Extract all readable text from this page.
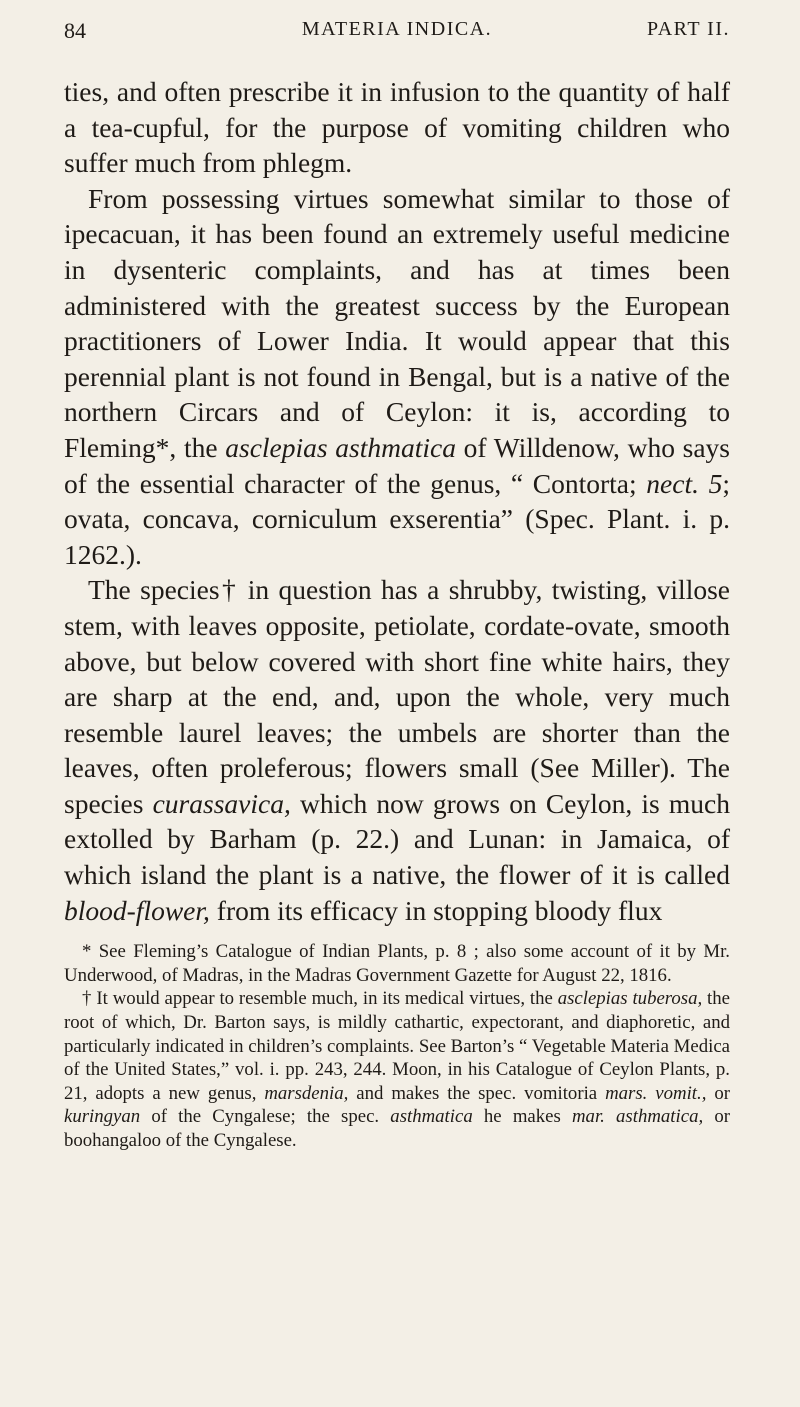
84	MATERIA INDICA.	PART II.

ties, and often prescribe it in infusion to the quantity of half a tea-cupful, for the purpose of vomiting children who suffer much from phlegm.

From possessing virtues somewhat similar to those of ipecacuan, it has been found an extremely useful medicine in dysenteric complaints, and has at times been administered with the greatest success by the European practitioners of Lower India. It would appear that this perennial plant is not found in Bengal, but is a native of the northern Circars and of Ceylon: it is, according to Fleming*, the asclepias asthmatica of Willdenow, who says of the essential character of the genus, “ Contorta; nect. 5; ovata, concava, corniculum exserentia” (Spec. Plant. i. p. 1262.).

The species† in question has a shrubby, twisting, villose stem, with leaves opposite, petiolate, cordate-ovate, smooth above, but below covered with short fine white hairs, they are sharp at the end, and, upon the whole, very much resemble laurel leaves; the umbels are shorter than the leaves, often proleferous; flowers small (See Miller). The species curassavica, which now grows on Ceylon, is much extolled by Barham (p. 22.) and Lunan: in Jamaica, of which island the plant is a native, the flower of it is called blood-flower, from its efficacy in stopping bloody flux

* See Fleming’s Catalogue of Indian Plants, p. 8 ; also some account of it by Mr. Underwood, of Madras, in the Madras Government Gazette for August 22, 1816.

† It would appear to resemble much, in its medical virtues, the asclepias tuberosa, the root of which, Dr. Barton says, is mildly cathartic, expectorant, and diaphoretic, and particularly indicated in children’s complaints. See Barton’s “ Vegetable Materia Medica of the United States,” vol. i. pp. 243, 244. Moon, in his Catalogue of Ceylon Plants, p. 21, adopts a new genus, marsdenia, and makes the spec. vomitoria mars. vomit., or kuringyan of the Cyngalese; the spec. asthmatica he makes mar. asthmatica, or boohangaloo of the Cyngalese.
